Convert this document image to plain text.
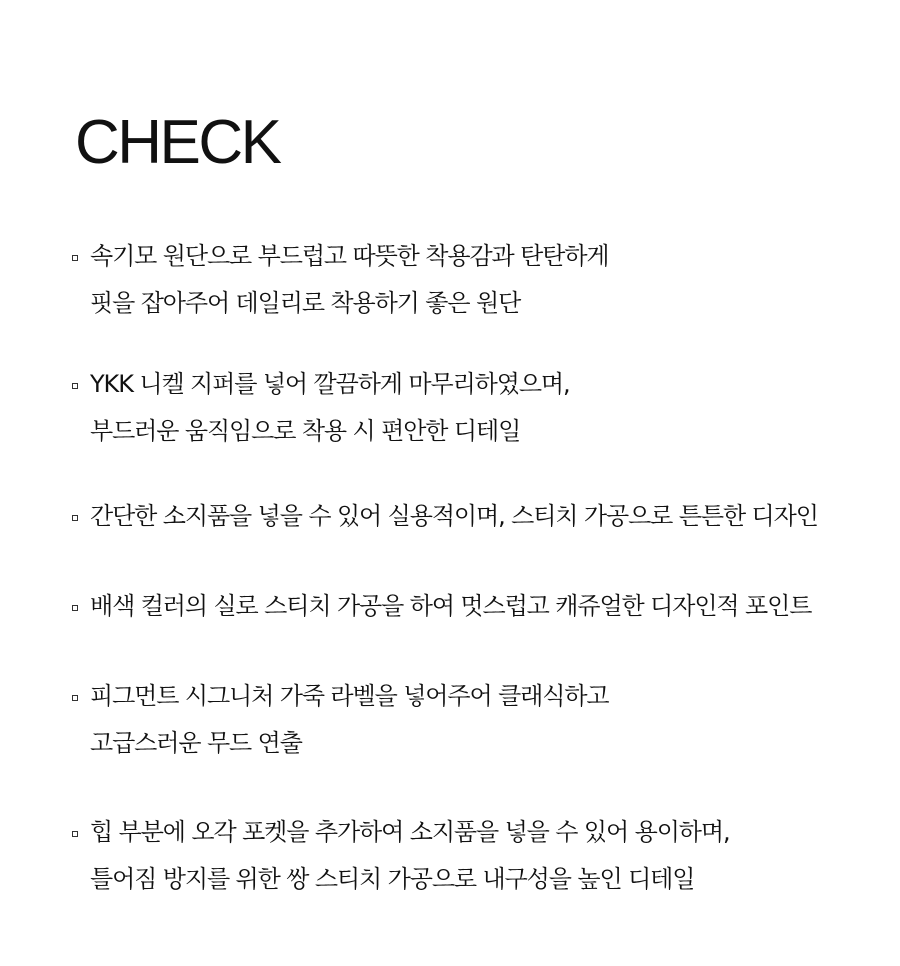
CHECK
속기모 원단으로 부드럽고 따뜻한 착용감과 탄탄하게
핏을 잡아주어 데일리로 착용하기 좋은 원단
YKK 니켈 지퍼를 넣어 깔끔하게 마무리하였으며,
부드러운 움직임으로 착용 시 편안한 디테일
간단한 소지품을 넣을 수 있어 실용적이며, 스티치 가공으로 튼튼한 디자인
배색 컬러의 실로 스티치 가공을 하여 멋스럽고 캐쥬얼한 디자인적 포인트
피그먼트 시그니처 가죽 라벨을 넣어주어 클래식하고
고급스러운 무드 연출
힙 부분에 오각 포켓을 추가하여 소지품을 넣을 수 있어 용이하며,
틀어짐 방지를 위한 쌍 스티치 가공으로 내구성을 높인 디테일
